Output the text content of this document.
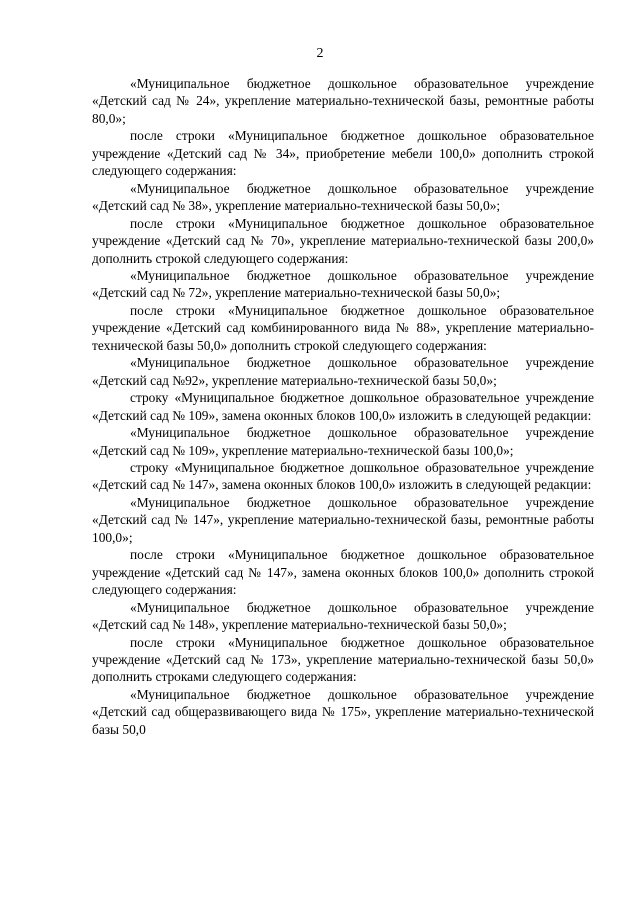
2

«Муниципальное бюджетное дошкольное образовательное учреждение «Детский сад № 24», укрепление материально-технической базы, ремонтные работы 80,0»;

после строки «Муниципальное бюджетное дошкольное образовательное учреждение «Детский сад № 34», приобретение мебели 100,0» дополнить строкой следующего содержания:

«Муниципальное бюджетное дошкольное образовательное учреждение «Детский сад № 38», укрепление материально-технической базы 50,0»;

после строки «Муниципальное бюджетное дошкольное образовательное учреждение «Детский сад № 70», укрепление материально-технической базы 200,0» дополнить строкой следующего содержания:

«Муниципальное бюджетное дошкольное образовательное учреждение «Детский сад № 72», укрепление материально-технической базы 50,0»;

после строки «Муниципальное бюджетное дошкольное образовательное учреждение «Детский сад комбинированного вида № 88», укрепление материально-технической базы 50,0» дополнить строкой следующего содержания:

«Муниципальное бюджетное дошкольное образовательное учреждение «Детский сад №92», укрепление материально-технической базы 50,0»;

строку «Муниципальное бюджетное дошкольное образовательное учреждение «Детский сад № 109», замена оконных блоков 100,0» изложить в следующей редакции:

«Муниципальное бюджетное дошкольное образовательное учреждение «Детский сад № 109», укрепление материально-технической базы 100,0»;

строку «Муниципальное бюджетное дошкольное образовательное учреждение «Детский сад № 147», замена оконных блоков 100,0» изложить в следующей редакции:

«Муниципальное бюджетное дошкольное образовательное учреждение «Детский сад № 147», укрепление материально-технической базы, ремонтные работы 100,0»;

после строки «Муниципальное бюджетное дошкольное образовательное учреждение «Детский сад № 147», замена оконных блоков 100,0» дополнить строкой следующего содержания:

«Муниципальное бюджетное дошкольное образовательное учреждение «Детский сад № 148», укрепление материально-технической базы 50,0»;

после строки «Муниципальное бюджетное дошкольное образовательное учреждение «Детский сад № 173», укрепление материально-технической базы 50,0» дополнить строками следующего содержания:

«Муниципальное бюджетное дошкольное образовательное учреждение «Детский сад общеразвивающего вида № 175», укрепление материально-технической базы 50,0
